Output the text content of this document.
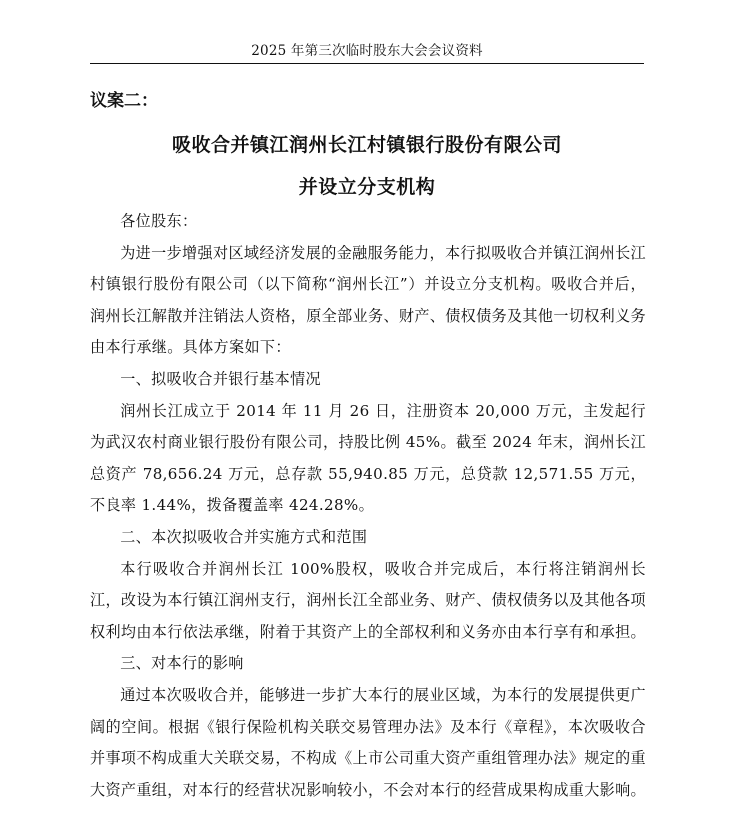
2025 年第三次临时股东大会会议资料
议案二：
吸收合并镇江润州长江村镇银行股份有限公司
并设立分支机构

各位股东：

为进一步增强对区域经济发展的金融服务能力，本行拟吸收合并镇江润州长江村镇银行股份有限公司（以下简称“润州长江”）并设立分支机构。吸收合并后，润州长江解散并注销法人资格，原全部业务、财产、债权债务及其他一切权利义务由本行承继。具体方案如下：

一、拟吸收合并银行基本情况

润州长江成立于 2014 年 11 月 26 日，注册资本 20,000 万元，主发起行为武汉农村商业银行股份有限公司，持股比例 45%。截至 2024 年末，润州长江总资产 78,656.24 万元，总存款 55,940.85 万元，总贷款 12,571.55 万元，不良率 1.44%，拨备覆盖率 424.28%。

二、本次拟吸收合并实施方式和范围

本行吸收合并润州长江 100%股权，吸收合并完成后，本行将注销润州长江，改设为本行镇江润州支行，润州长江全部业务、财产、债权债务以及其他各项权利均由本行依法承继，附着于其资产上的全部权利和义务亦由本行享有和承担。

三、对本行的影响

通过本次吸收合并，能够进一步扩大本行的展业区域，为本行的发展提供更广阔的空间。根据《银行保险机构关联交易管理办法》及本行《章程》，本次吸收合并事项不构成重大关联交易，不构成《上市公司重大资产重组管理办法》规定的重大资产重组，对本行的经营状况影响较小，不会对本行的经营成果构成重大影响。
